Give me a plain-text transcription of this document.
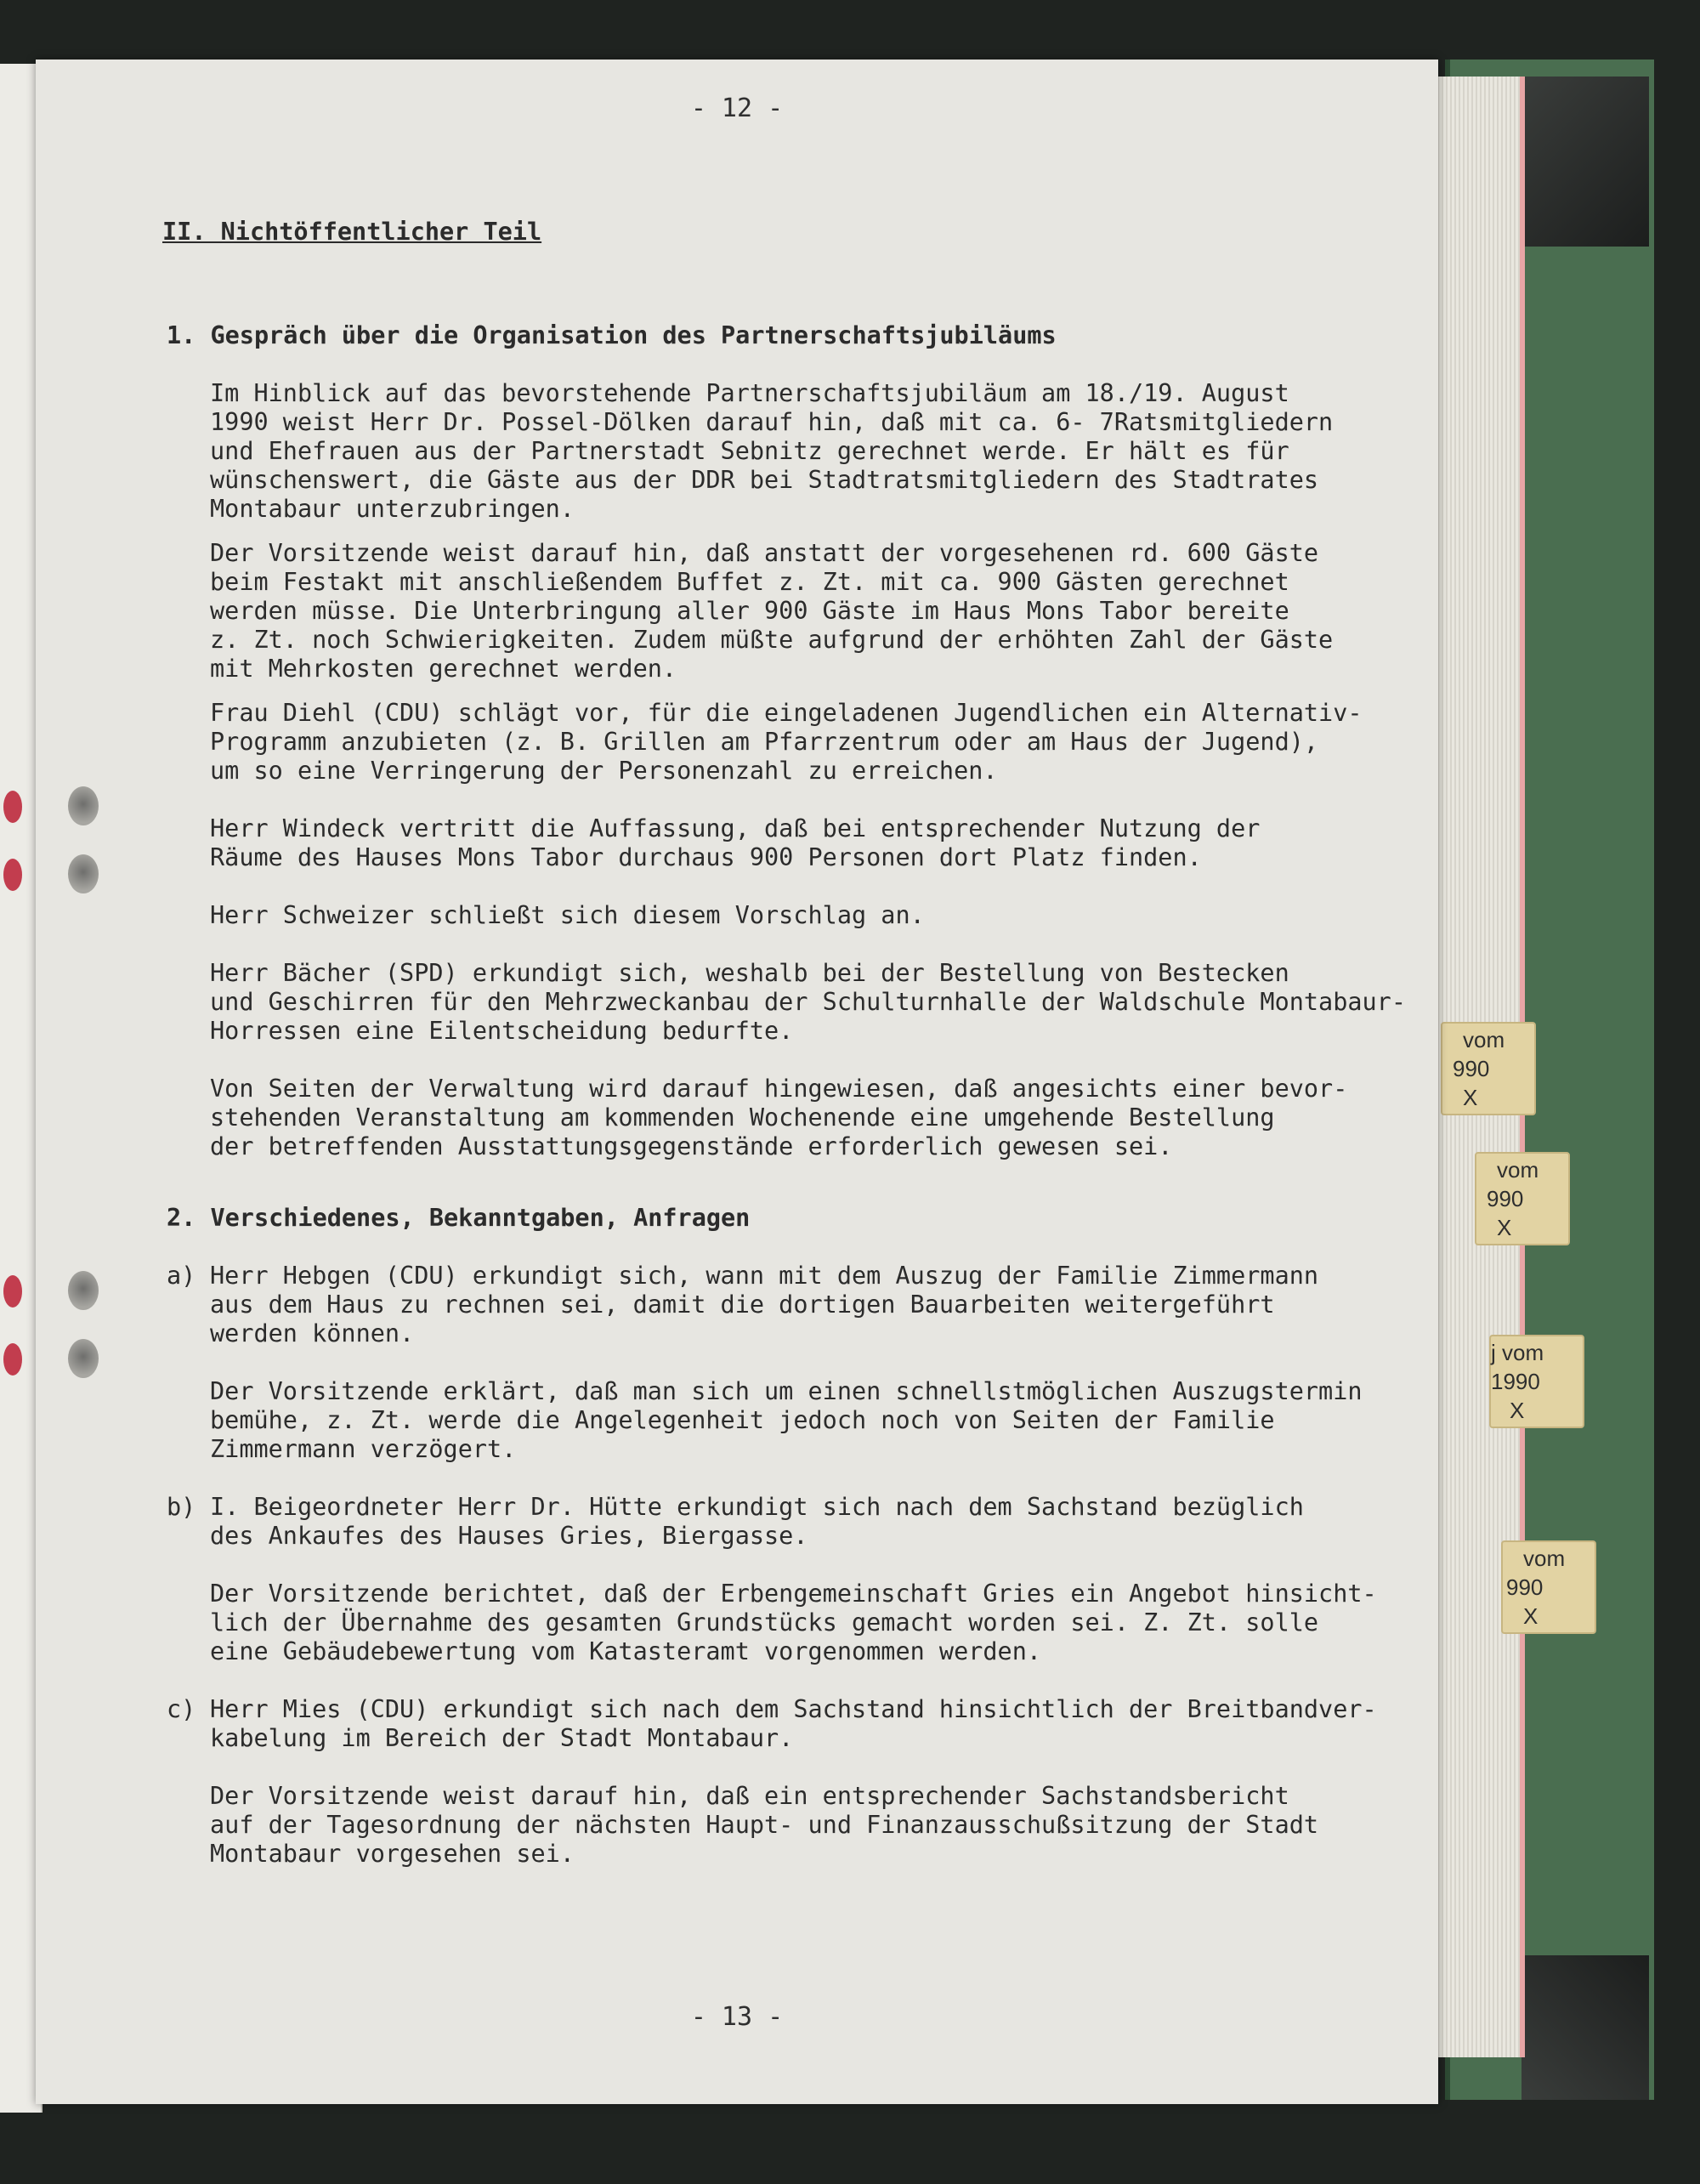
vom
990
X
vom
990
X
j vom
1990
X
vom
990
X
- 12 -
- 13 -

II. Nichtöffentlicher Teil

1. Gespräch über die Organisation des Partnerschaftsjubiläums

Im Hinblick auf das bevorstehende Partnerschaftsjubiläum am 18./19. August

1990 weist Herr Dr. Possel-Dölken darauf hin, daß mit ca. 6- 7Ratsmitgliedern

und Ehefrauen aus der Partnerstadt Sebnitz gerechnet werde. Er hält es für

wünschenswert, die Gäste aus der DDR bei Stadtratsmitgliedern des Stadtrates

Montabaur unterzubringen.

Der Vorsitzende weist darauf hin, daß anstatt der vorgesehenen rd. 600 Gäste

beim Festakt mit anschließendem Buffet z. Zt. mit ca. 900 Gästen gerechnet

werden müsse. Die Unterbringung aller 900 Gäste im Haus Mons Tabor bereite

z. Zt. noch Schwierigkeiten. Zudem müßte aufgrund der erhöhten Zahl der Gäste

mit Mehrkosten gerechnet werden.

Frau Diehl (CDU) schlägt vor, für die eingeladenen Jugendlichen ein Alternativ-

Programm anzubieten (z. B. Grillen am Pfarrzentrum oder am Haus der Jugend),

um so eine Verringerung der Personenzahl zu erreichen.

Herr Windeck vertritt die Auffassung, daß bei entsprechender Nutzung der

Räume des Hauses Mons Tabor durchaus 900 Personen dort Platz finden.

Herr Schweizer schließt sich diesem Vorschlag an.

Herr Bächer (SPD) erkundigt sich, weshalb bei der Bestellung von Bestecken

und Geschirren für den Mehrzweckanbau der Schulturnhalle der Waldschule Montabaur-

Horressen eine Eilentscheidung bedurfte.

Von Seiten der Verwaltung wird darauf hingewiesen, daß angesichts einer bevor-

stehenden Veranstaltung am kommenden Wochenende eine umgehende Bestellung

der betreffenden Ausstattungsgegenstände erforderlich gewesen sei.

2. Verschiedenes, Bekanntgaben, Anfragen

a) Herr Hebgen (CDU) erkundigt sich, wann mit dem Auszug der Familie Zimmermann

aus dem Haus zu rechnen sei, damit die dortigen Bauarbeiten weitergeführt

werden können.

Der Vorsitzende erklärt, daß man sich um einen schnellstmöglichen Auszugstermin

bemühe, z. Zt. werde die Angelegenheit jedoch noch von Seiten der Familie

Zimmermann verzögert.

b) I. Beigeordneter Herr Dr. Hütte erkundigt sich nach dem Sachstand bezüglich

des Ankaufes des Hauses Gries, Biergasse.

Der Vorsitzende berichtet, daß der Erbengemeinschaft Gries ein Angebot hinsicht-

lich der Übernahme des gesamten Grundstücks gemacht worden sei. Z. Zt. solle

eine Gebäudebewertung vom Katasteramt vorgenommen werden.

c) Herr Mies (CDU) erkundigt sich nach dem Sachstand hinsichtlich der Breitbandver-

kabelung im Bereich der Stadt Montabaur.

Der Vorsitzende weist darauf hin, daß ein entsprechender Sachstandsbericht

auf der Tagesordnung der nächsten Haupt- und Finanzausschußsitzung der Stadt

Montabaur vorgesehen sei.
